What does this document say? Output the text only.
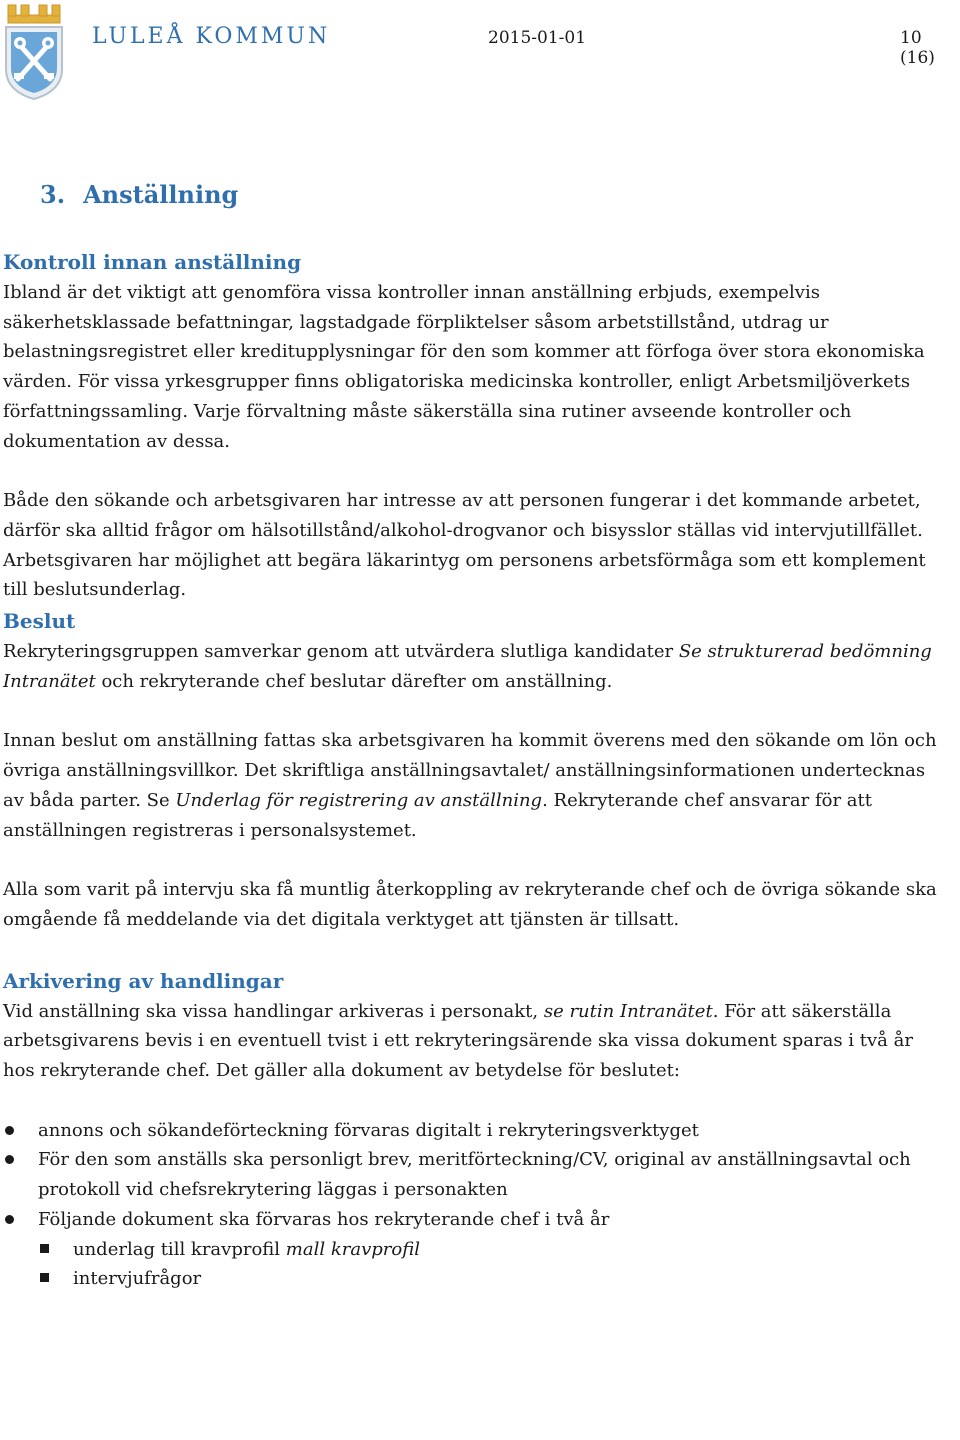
LULEÅ KOMMUN	2015-01-01	10 (16)
3. Anställning
Kontroll innan anställning

Ibland är det viktigt att genomföra vissa kontroller innan anställning erbjuds, exempelvis säkerhetsklassade befattningar, lagstadgade förpliktelser såsom arbetstillstånd, utdrag ur belastningsregistret eller kreditupplysningar för den som kommer att förfoga över stora ekonomiska värden. För vissa yrkesgrupper finns obligatoriska medicinska kontroller, enligt Arbetsmiljöverkets författningssamling. Varje förvaltning måste säkerställa sina rutiner avseende kontroller och dokumentation av dessa.

Både den sökande och arbetsgivaren har intresse av att personen fungerar i det kommande arbetet, därför ska alltid frågor om hälsotillstånd/alkohol-drogvanor och bisysslor ställas vid intervjutillfället. Arbetsgivaren har möjlighet att begära läkarintyg om personens arbetsförmåga som ett komplement till beslutsunderlag.

Beslut

Rekryteringsgruppen samverkar genom att utvärdera slutliga kandidater Se strukturerad bedömning Intranätet och rekryterande chef beslutar därefter om anställning.

Innan beslut om anställning fattas ska arbetsgivaren ha kommit överens med den sökande om lön och övriga anställningsvillkor. Det skriftliga anställningsavtalet/ anställningsinformationen undertecknas av båda parter. Se Underlag för registrering av anställning. Rekryterande chef ansvarar för att anställningen registreras i personalsystemet.

Alla som varit på intervju ska få muntlig återkoppling av rekryterande chef och de övriga sökande ska omgående få meddelande via det digitala verktyget att tjänsten är tillsatt.

Arkivering av handlingar

Vid anställning ska vissa handlingar arkiveras i personakt, se rutin Intranätet. För att säkerställa arbetsgivarens bevis i en eventuell tvist i ett rekryteringsärende ska vissa dokument sparas i två år hos rekryterande chef. Det gäller alla dokument av betydelse för beslutet:

annons och sökandeförteckning förvaras digitalt i rekryteringsverktyget
För den som anställs ska personligt brev, meritförteckning/CV, original av anställningsavtal och protokoll vid chefsrekrytering läggas i personakten
Följande dokument ska förvaras hos rekryterande chef i två år
underlag till kravprofil mall kravprofil
intervjufrågor
